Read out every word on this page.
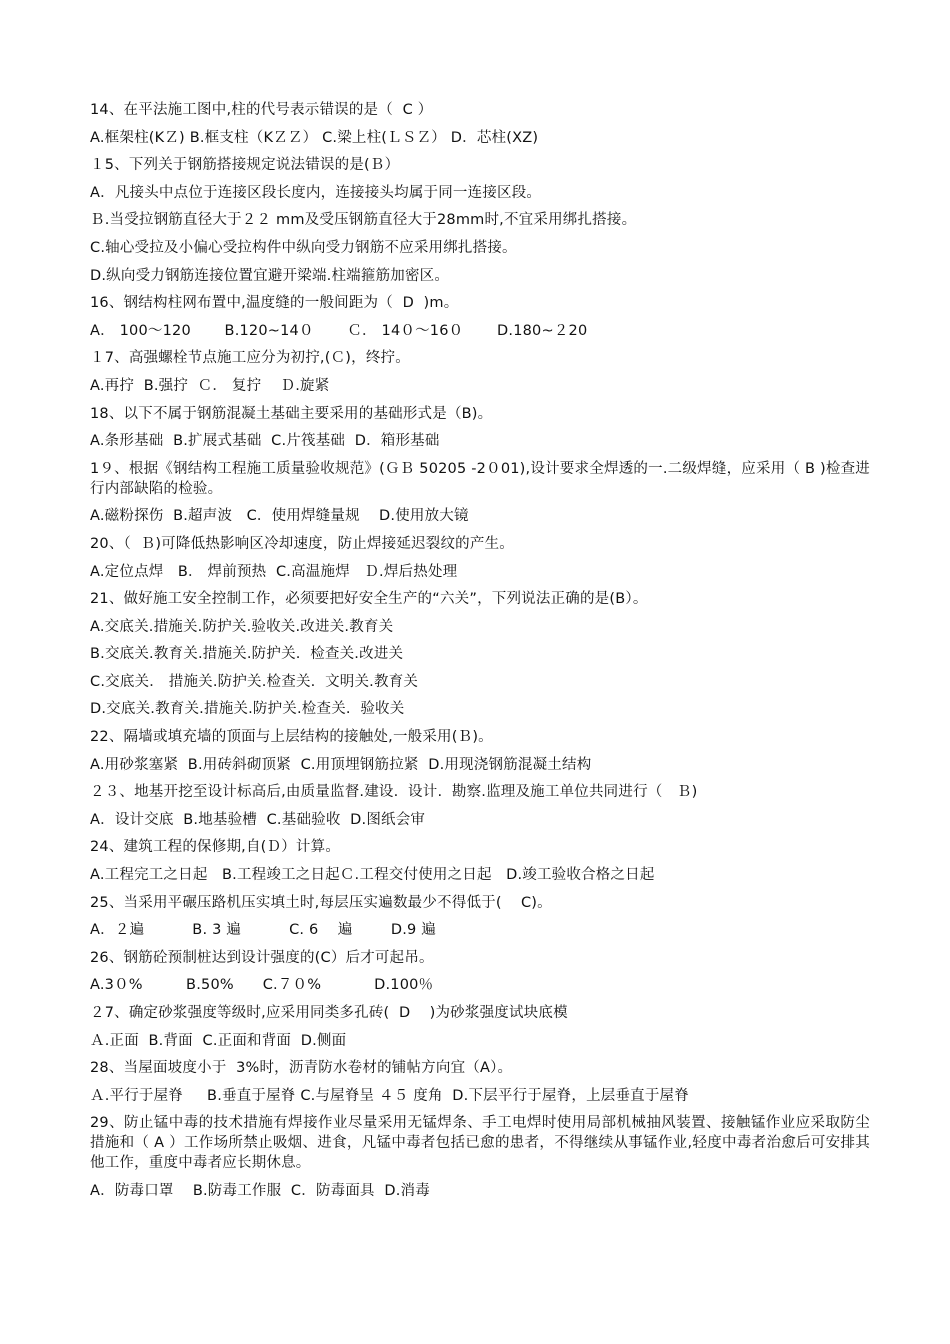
14、在平法施工图中,柱的代号表示错误的是（  C ）
A.框架柱(KＺ) B.框支柱（KＺＺ） C.梁上柱(ＬＳＺ） D．芯柱(XZ)
１5、下列关于钢筋搭接规定说法错误的是(Ｂ）
A．凡接头中点位于连接区段长度内，连接接头均属于同一连接区段。
Ｂ.当受拉钢筋直径大于２２ mm及受压钢筋直径大于28mm时,不宜采用绑扎搭接。
C.轴心受拉及小偏心受拉构件中纵向受力钢筋不应采用绑扎搭接。
D.纵向受力钢筋连接位置宜避开梁端.柱端箍筋加密区。
16、钢结构柱网布置中,温度缝的一般间距为（  D  )m。
A． 100～120       B.120~14０       Ｃ． 14０～16０       D.180~２20
１7、高强螺栓节点施工应分为初拧,(Ｃ)，终拧。
A.再拧  B.强拧  Ｃ． 复拧    Ｄ.旋紧
18、以下不属于钢筋混凝土基础主要采用的基础形式是（B)。
A.条形基础  B.扩展式基础  C.片筏基础  D．箱形基础
1９、根据《钢结构工程施工质量验收规范》(ＧＢ 50205 -2０01),设计要求全焊透的一.二级焊缝，应采用（ B )检查进行内部缺陷的检验。
A.磁粉探伤  B.超声波   C．使用焊缝量规    D.使用放大镜
20、（  Ｂ)可降低热影响区冷却速度，防止焊接延迟裂纹的产生。
A.定位点焊   B． 焊前预热  C.高温施焊   Ｄ.焊后热处理
21、做好施工安全控制工作，必须要把好安全生产的“六关”，下列说法正确的是(B）。
A.交底关.措施关.防护关.验收关.改进关.教育关
B.交底关.教育关.措施关.防护关.  检查关.改进关
C.交底关． 措施关.防护关.检查关.  文明关.教育关
D.交底关.教育关.措施关.防护关.检查关.  验收关
22、隔墙或填充墙的顶面与上层结构的接触处,一般采用(Ｂ)。
A.用砂浆塞紧  B.用砖斜砌顶紧  C.用顶埋钢筋拉紧  D.用现浇钢筋混凝土结构
２３、地基开挖至设计标高后,由质量监督.建设.  设计.  勘察.监理及施工单位共同进行（   Ｂ)
A．设计交底  B.地基验槽  C.基础验收  D.图纸会审
24、建筑工程的保修期,自(Ｄ）计算。
A.工程完工之日起   B.工程竣工之日起Ｃ.工程交付使用之日起   D.竣工验收合格之日起
25、当采用平碾压路机压实填土时,每层压实遍数最少不得低于(    C)。
A．２遍          B. 3 遍          C. 6    遍        D.9 遍
26、钢筋砼预制桩达到设计强度的(C）后才可起吊。
A.3０%         B.50%      C.７０%           D.100％
２7、确定砂浆强度等级时,应采用同类多孔砖(  D    )为砂浆强度试块底模
Ａ.正面  B.背面  C.正面和背面  D.侧面
28、当屋面坡度小于  3%时，沥青防水卷材的铺帖方向宜（A）。
Ａ.平行于屋脊     B.垂直于屋脊 C.与屋脊呈 ４５ 度角  D.下层平行于屋脊，上层垂直于屋脊
29、防止锰中毒的技术措施有焊接作业尽量采用无锰焊条、手工电焊时使用局部机械抽风装置、接触锰作业应采取防尘措施和（ A ）工作场所禁止吸烟、进食，凡锰中毒者包括已愈的患者，不得继续从事锰作业,轻度中毒者治愈后可安排其他工作，重度中毒者应长期休息。
A．防毒口罩    B.防毒工作服  C．防毒面具  D.消毒
